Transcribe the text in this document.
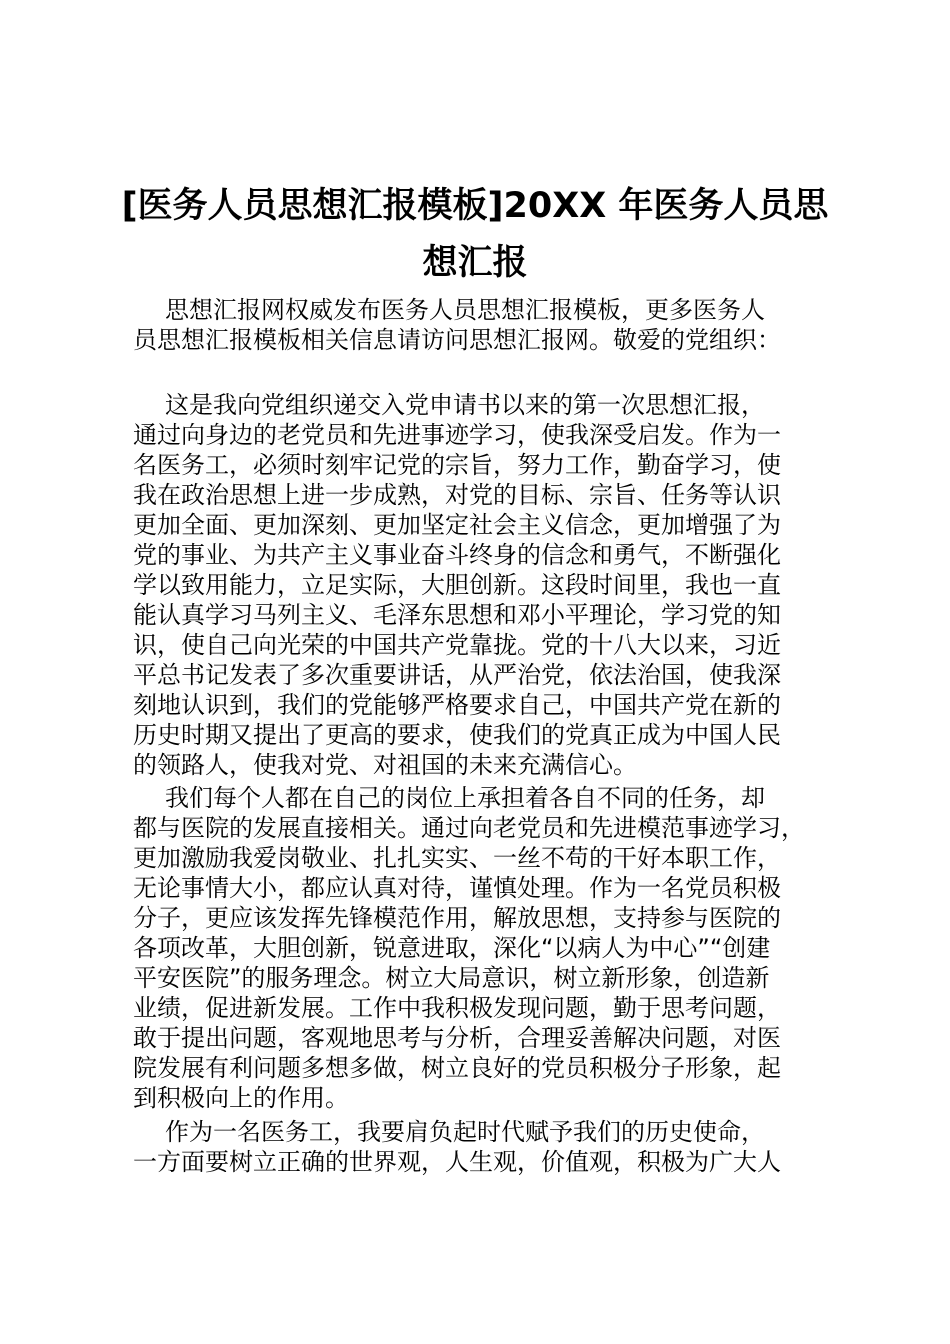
[医务人员思想汇报模板]20XX 年医务人员思
想汇报
思想汇报网权威发布医务人员思想汇报模板，更多医务人
员思想汇报模板相关信息请访问思想汇报网。敬爱的党组织：
这是我向党组织递交入党申请书以来的第一次思想汇报，
通过向身边的老党员和先进事迹学习，使我深受启发。作为一
名医务工，必须时刻牢记党的宗旨，努力工作，勤奋学习，使
我在政治思想上进一步成熟，对党的目标、宗旨、任务等认识
更加全面、更加深刻、更加坚定社会主义信念，更加增强了为
党的事业、为共产主义事业奋斗终身的信念和勇气，不断强化
学以致用能力，立足实际，大胆创新。这段时间里，我也一直
能认真学习马列主义、毛泽东思想和邓小平理论，学习党的知
识，使自己向光荣的中国共产党靠拢。党的十八大以来，习近
平总书记发表了多次重要讲话，从严治党，依法治国，使我深
刻地认识到，我们的党能够严格要求自己，中国共产党在新的
历史时期又提出了更高的要求，使我们的党真正成为中国人民
的领路人，使我对党、对祖国的未来充满信心。
我们每个人都在自己的岗位上承担着各自不同的任务，却
都与医院的发展直接相关。通过向老党员和先进模范事迹学习，
更加激励我爱岗敬业、扎扎实实、一丝不苟的干好本职工作，
无论事情大小，都应认真对待，谨慎处理。作为一名党员积极
分子，更应该发挥先锋模范作用，解放思想，支持参与医院的
各项改革，大胆创新，锐意进取，深化“以病人为中心”“创建
平安医院”的服务理念。树立大局意识，树立新形象，创造新
业绩，促进新发展。工作中我积极发现问题，勤于思考问题，
敢于提出问题，客观地思考与分析，合理妥善解决问题，对医
院发展有利问题多想多做，树立良好的党员积极分子形象，起
到积极向上的作用。
作为一名医务工，我要肩负起时代赋予我们的历史使命，
一方面要树立正确的世界观，人生观，价值观，积极为广大人
